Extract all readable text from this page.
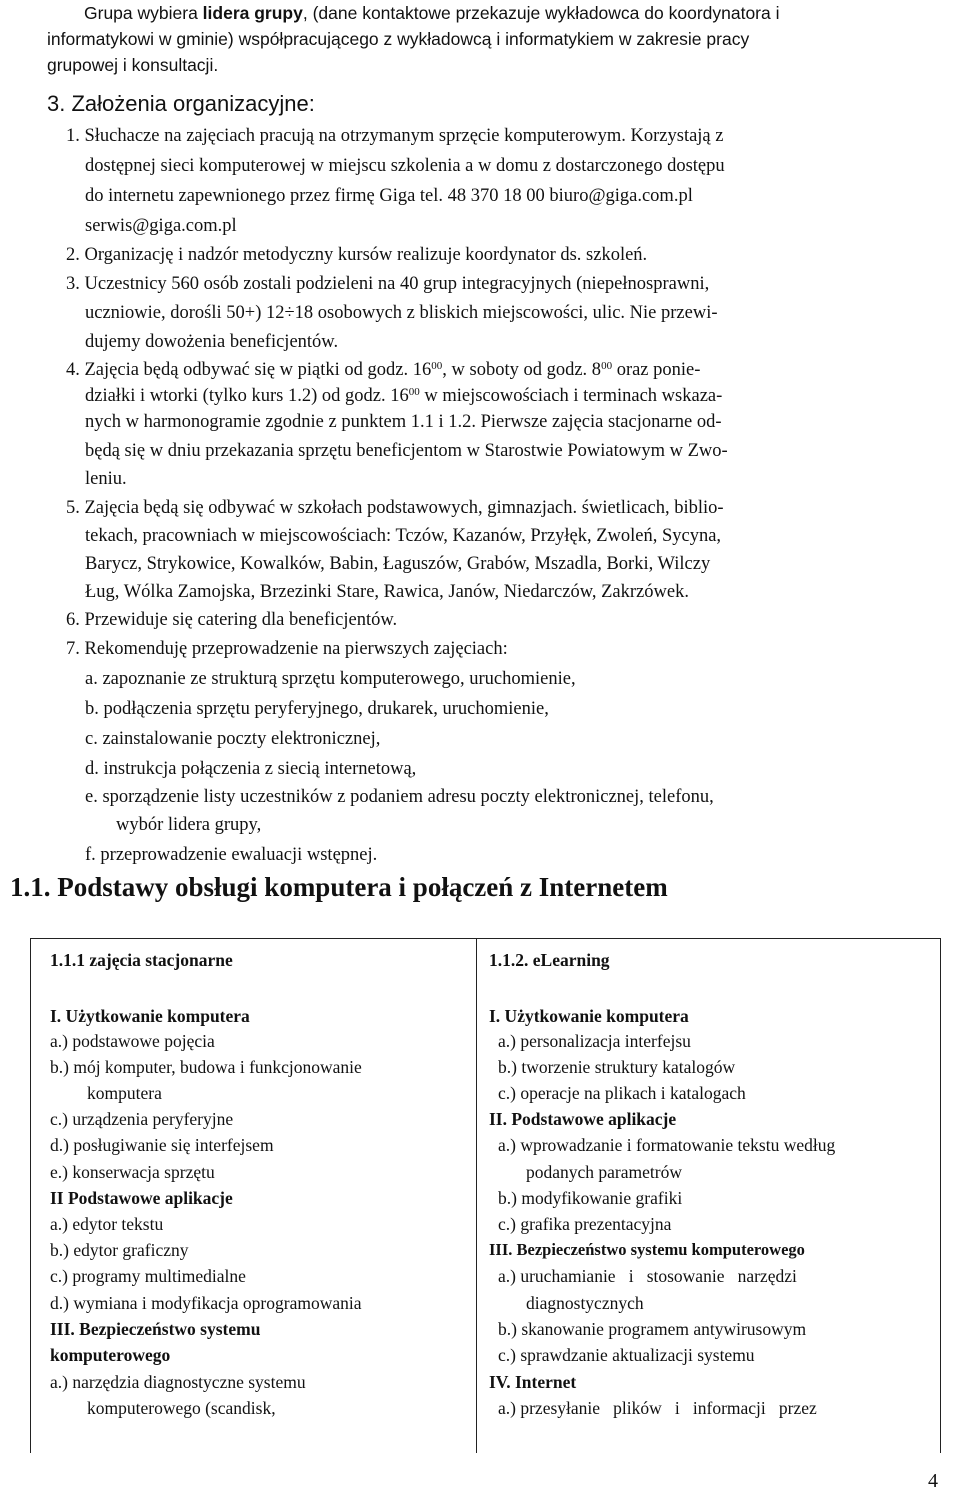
Grupa wybiera lidera grupy, (dane kontaktowe przekazuje wykładowca do koordynatora i
informatykowi w gminie) współpracującego z wykładowcą i informatykiem w zakresie pracy
grupowej i konsultacji.
3. Założenia organizacyjne:
1. Słuchacze na zajęciach pracują na otrzymanym sprzęcie komputerowym. Korzystają z
dostępnej sieci komputerowej w miejscu szkolenia a w domu z dostarczonego dostępu
do internetu zapewnionego przez firmę Giga tel. 48 370 18 00 biuro@giga.com.pl
serwis@giga.com.pl
2. Organizację i nadzór metodyczny kursów realizuje koordynator ds. szkoleń.
3. Uczestnicy 560 osób zostali podzieleni na 40 grup integracyjnych (niepełnosprawni,
uczniowie, dorośli 50+) 12÷18 osobowych z bliskich miejscowości, ulic. Nie przewi-
dujemy dowożenia beneficjentów.
4. Zajęcia będą odbywać się w piątki od godz. $16^{00}$, w soboty od godz. $8^{00}$ oraz ponie-
działki i wtorki (tylko kurs 1.2) od godz. $16^{00}$ w miejscowościach i terminach wskaza-
nych w harmonogramie zgodnie z punktem 1.1 i 1.2. Pierwsze zajęcia stacjonarne od-
będą się w dniu przekazania sprzętu beneficjentom w Starostwie Powiatowym w Zwo-
leniu.
5. Zajęcia będą się odbywać w szkołach podstawowych, gimnazjach. świetlicach, biblio-
tekach, pracowniach w miejscowościach: Tczów, Kazanów, Przyłęk, Zwoleń, Sycyna,
Barycz, Strykowice, Kowalków, Babin, Łaguszów, Grabów, Mszadla, Borki, Wilczy
Ług, Wólka Zamojska, Brzezinki Stare, Rawica, Janów, Niedarczów, Zakrzówek.
6. Przewiduje się catering dla beneficjentów.
7. Rekomenduję przeprowadzenie na pierwszych zajęciach:
a. zapoznanie ze strukturą sprzętu komputerowego, uruchomienie,
b. podłączenia sprzętu peryferyjnego, drukarek, uruchomienie,
c. zainstalowanie poczty elektronicznej,
d. instrukcja połączenia z siecią internetową,
e. sporządzenie listy uczestników z podaniem adresu poczty elektronicznej, telefonu,
wybór lidera grupy,
f. przeprowadzenie ewaluacji wstępnej.
1.1. Podstawy obsługi komputera i połączeń z Internetem
1.1.1 zajęcia stacjonarne
I. Użytkowanie komputera
a.) podstawowe pojęcia
b.) mój komputer, budowa i funkcjonowanie
komputera
c.) urządzenia peryferyjne
d.) posługiwanie się interfejsem
e.) konserwacja sprzętu
II Podstawowe aplikacje
a.) edytor tekstu
b.) edytor graficzny
c.) programy multimedialne
d.) wymiana i modyfikacja oprogramowania
III. Bezpieczeństwo systemu
komputerowego
a.) narzędzia diagnostyczne systemu
komputerowego (scandisk,
1.1.2. eLearning
I. Użytkowanie komputera
a.) personalizacja interfejsu
b.) tworzenie struktury katalogów
c.) operacje na plikach i katalogach
II. Podstawowe aplikacje
a.) wprowadzanie i formatowanie tekstu według
podanych parametrów
b.) modyfikowanie grafiki
c.) grafika prezentacyjna
III. Bezpieczeństwo systemu komputerowego
a.) uruchamianie   i   stosowanie   narzędzi
diagnostycznych
b.) skanowanie programem antywirusowym
c.) sprawdzanie aktualizacji systemu
IV. Internet
a.) przesyłanie   plików   i   informacji   przez
4
